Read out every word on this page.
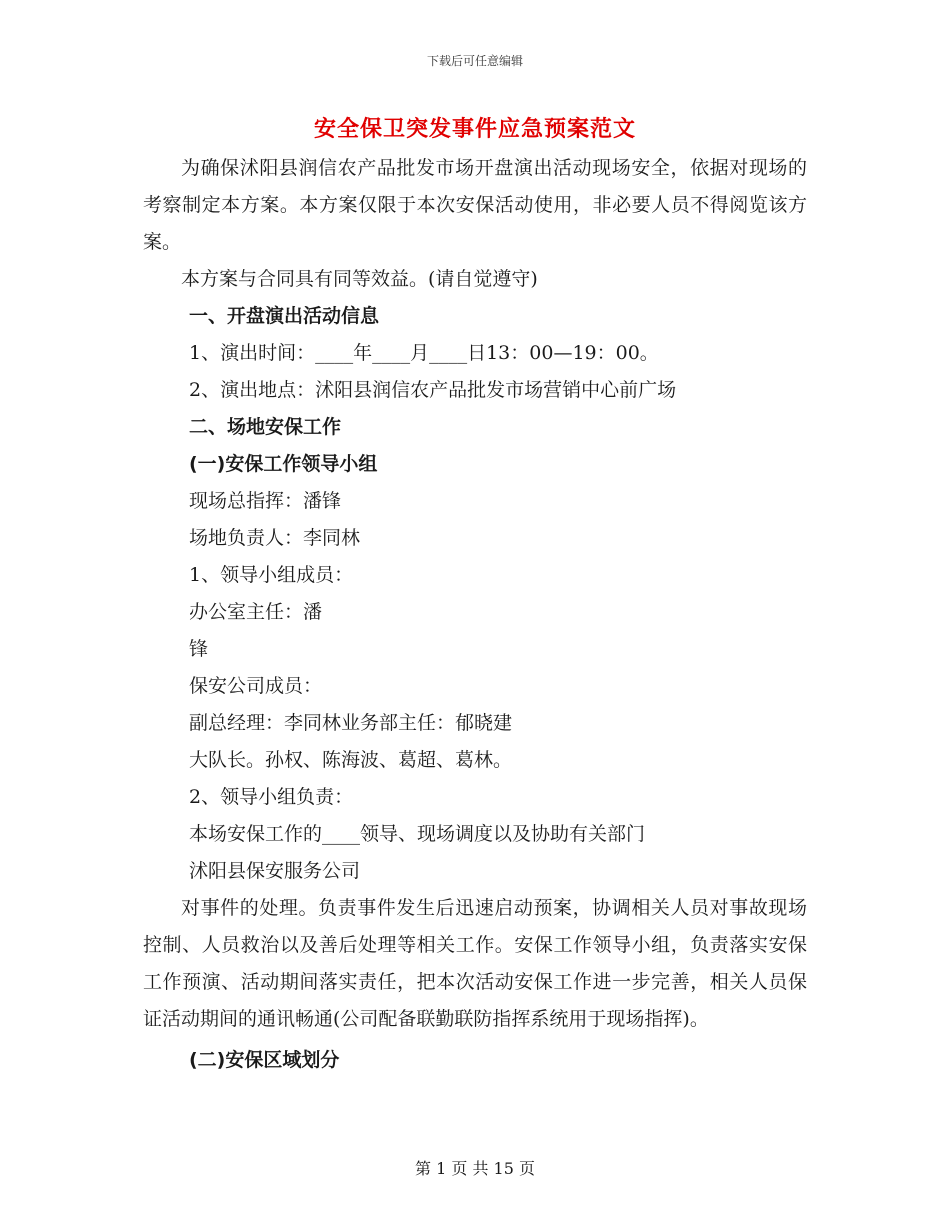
下载后可任意编辑
安全保卫突发事件应急预案范文

为确保沭阳县润信农产品批发市场开盘演出活动现场安全，依据对现场的考察制定本方案。本方案仅限于本次安保活动使用，非必要人员不得阅览该方案。

本方案与合同具有同等效益。(请自觉遵守)

一、开盘演出活动信息

1、演出时间：____年____月____日13：00—19：00。

2、演出地点：沭阳县润信农产品批发市场营销中心前广场

二、场地安保工作

(一)安保工作领导小组

现场总指挥：潘锋

场地负责人：李同林

1、领导小组成员：

办公室主任：潘

锋

保安公司成员：

副总经理：李同林业务部主任：郁晓建

大队长。孙权、陈海波、葛超、葛林。

2、领导小组负责：

本场安保工作的____领导、现场调度以及协助有关部门

沭阳县保安服务公司

对事件的处理。负责事件发生后迅速启动预案，协调相关人员对事故现场控制、人员救治以及善后处理等相关工作。安保工作领导小组，负责落实安保工作预演、活动期间落实责任，把本次活动安保工作进一步完善，相关人员保证活动期间的通讯畅通(公司配备联勤联防指挥系统用于现场指挥)。

(二)安保区域划分

第 1 页 共 15 页
